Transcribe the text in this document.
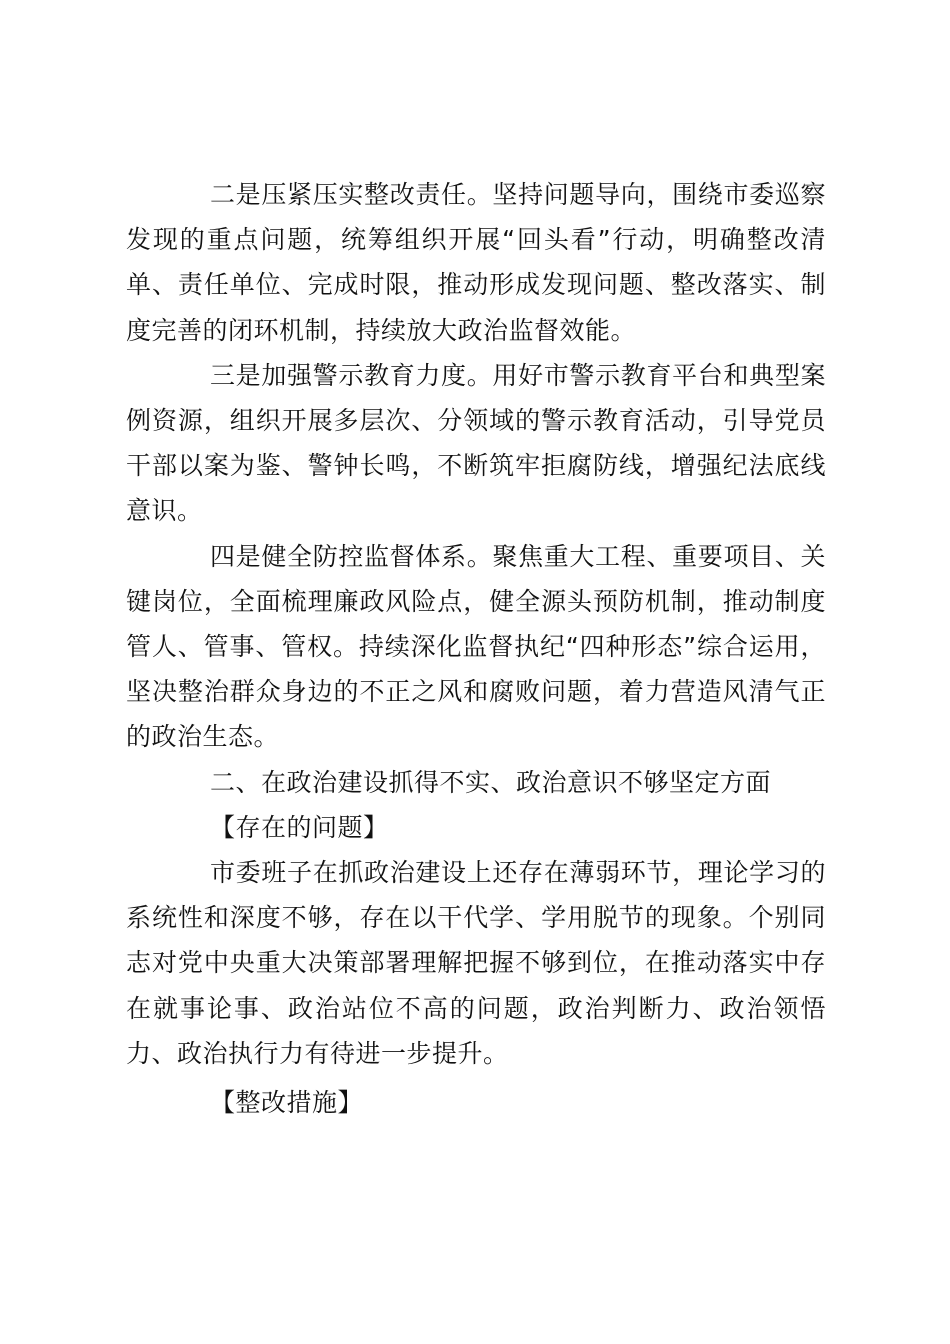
二是压紧压实整改责任。坚持问题导向，围绕市委巡察发现的重点问题，统筹组织开展“回头看”行动，明确整改清单、责任单位、完成时限，推动形成发现问题、整改落实、制度完善的闭环机制，持续放大政治监督效能。

三是加强警示教育力度。用好市警示教育平台和典型案例资源，组织开展多层次、分领域的警示教育活动，引导党员干部以案为鉴、警钟长鸣，不断筑牢拒腐防线，增强纪法底线意识。

四是健全防控监督体系。聚焦重大工程、重要项目、关键岗位，全面梳理廉政风险点，健全源头预防机制，推动制度管人、管事、管权。持续深化监督执纪“四种形态”综合运用，坚决整治群众身边的不正之风和腐败问题，着力营造风清气正的政治生态。

二、在政治建设抓得不实、政治意识不够坚定方面

【存在的问题】

市委班子在抓政治建设上还存在薄弱环节，理论学习的系统性和深度不够，存在以干代学、学用脱节的现象。个别同志对党中央重大决策部署理解把握不够到位，在推动落实中存在就事论事、政治站位不高的问题，政治判断力、政治领悟力、政治执行力有待进一步提升。

【整改措施】
